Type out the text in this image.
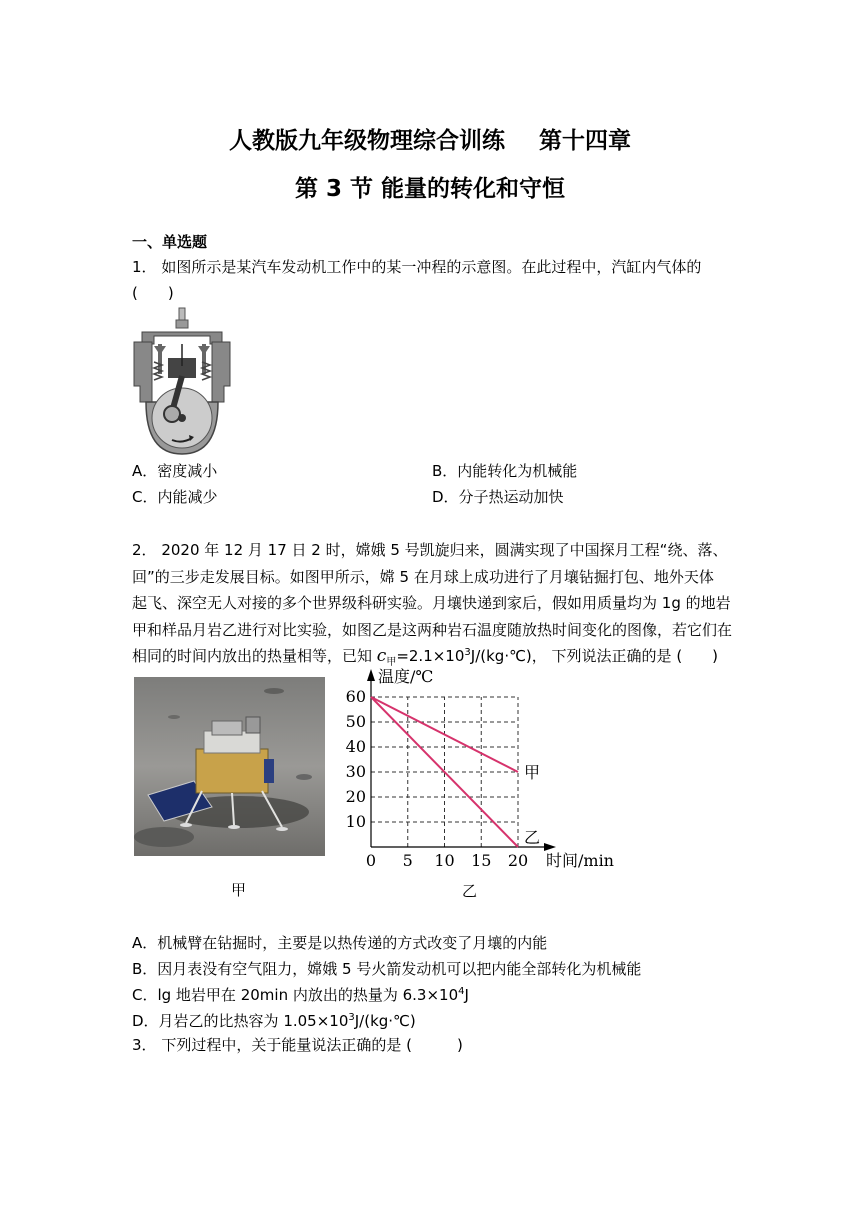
人教版九年级物理综合训练 第十四章
第 3 节 能量的转化和守恒
一、单选题
1． 如图所示是某汽车发动机工作中的某一冲程的示意图。在此过程中，汽缸内气体的
(　　)
A．密度减小	B．内能转化为机械能
C．内能减少	D．分子热运动加快
2． 2020 年 12 月 17 日 2 时，嫦娥 5 号凯旋归来，圆满实现了中国探月工程“绕、落、
回”的三步走发展目标。如图甲所示，嫦 5 在月球上成功进行了月壤钻掘打包、地外天体
起飞、深空无人对接的多个世界级科研实验。月壤快递到家后，假如用质量均为 1g 的地岩
甲和样品月岩乙进行对比实验，如图乙是这两种岩石温度随放热时间变化的图像，若它们在
相同的时间内放出的热量相等，已知 $c_甲=2.1\times 10^3J/(kg\cdot℃)$， 下列说法正确的是 (　　)
甲
0 5 10 15 20
10
20
30
40
50
60
温度/℃
时间/min
甲
乙
乙
A．机械臂在钻掘时，主要是以热传递的方式改变了月壤的内能
B．因月表没有空气阻力，嫦娥 5 号火箭发动机可以把内能全部转化为机械能
C．lg 地岩甲在 20min 内放出的热量为 $6.3\times 10^4J$
D．月岩乙的比热容为 $1.05\times 10^3J/(kg\cdot℃)$
3． 下列过程中，关于能量说法正确的是 (　　　)
